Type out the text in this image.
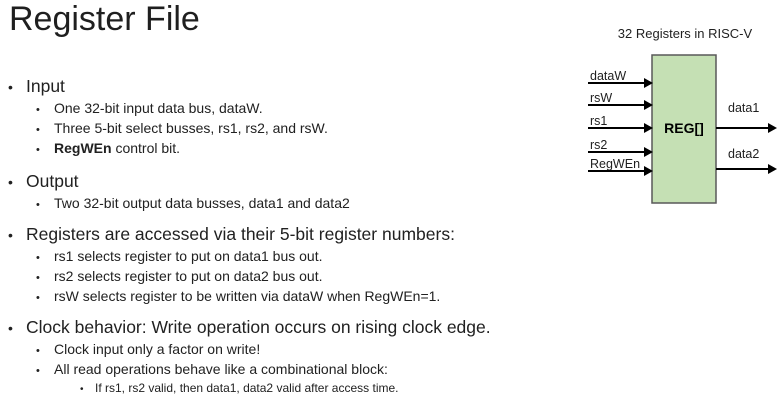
Register File
• Input
•	One 32-bit input data bus, dataW.
•	Three 5-bit select busses, rs1, rs2, and rsW.
•	RegWEn control bit.
• Output
•	Two 32-bit output data busses, data1 and data2
• Registers are accessed via their 5-bit register numbers:
•	rs1 selects register to put on data1 bus out.
•	rs2 selects register to put on data2 bus out.
•	rsW selects register to be written via dataW when RegWEn=1.
• Clock behavior: Write operation occurs on rising clock edge.
•	Clock input only a factor on write!
•	All read operations behave like a combinational block:
• If rs1, rs2 valid, then data1, data2 valid after access time.
32 Registers in RISC-V
REG[]
dataW
rsW
rs1
rs2
RegWEn
data1
data2
